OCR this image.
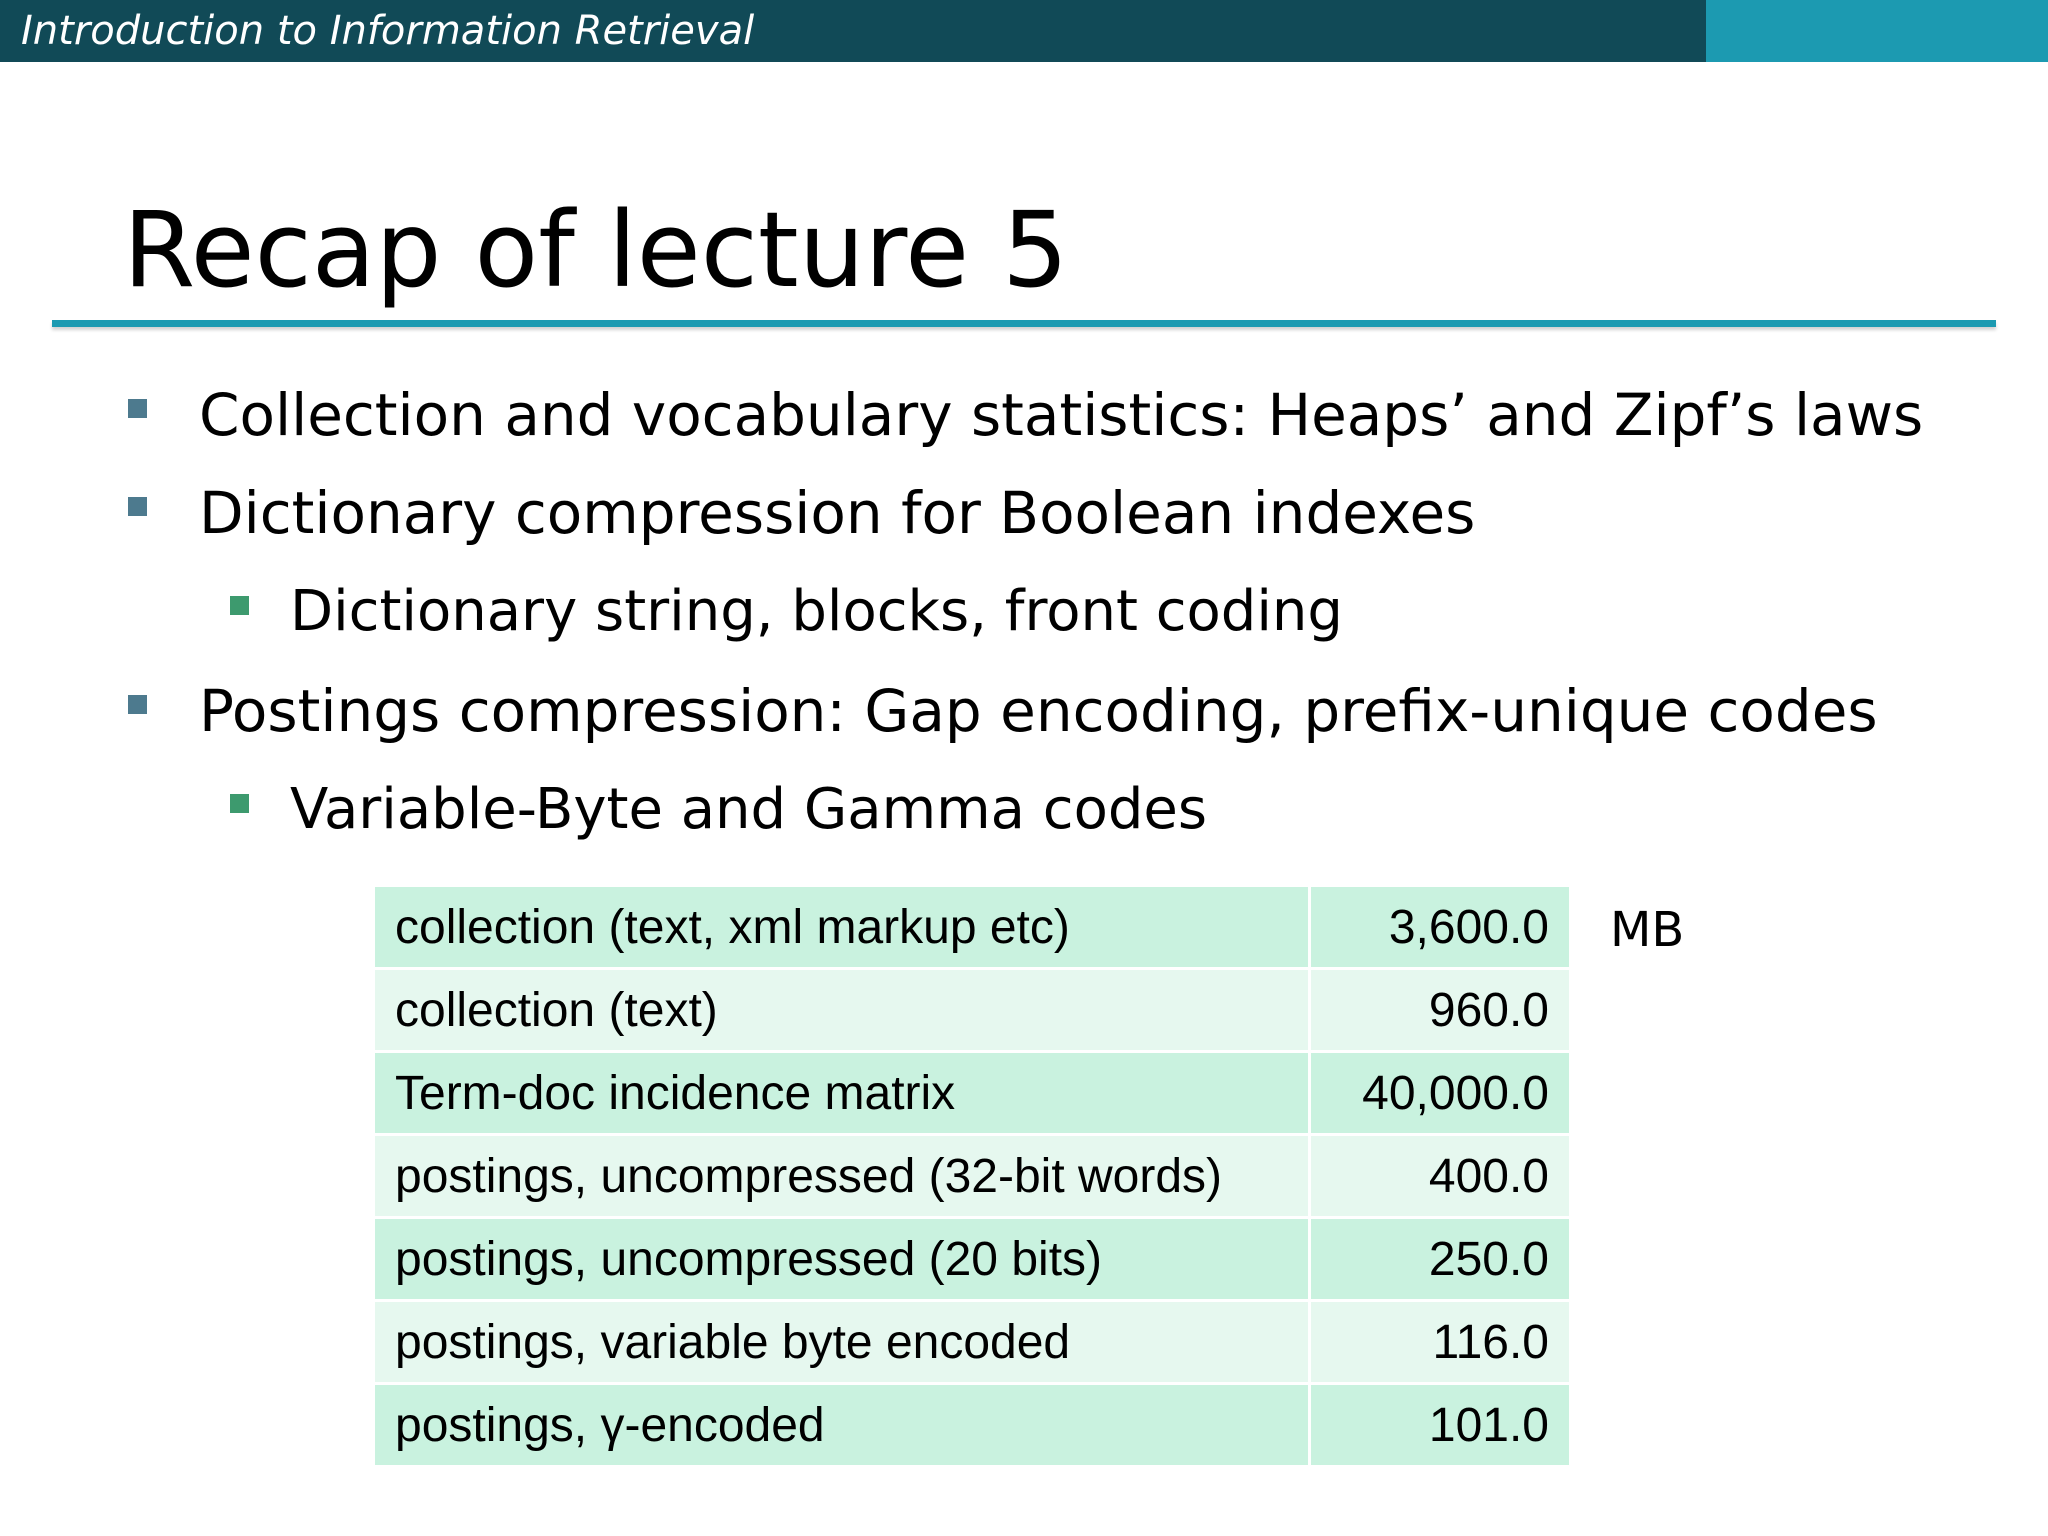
Introduction to Information Retrieval
Recap of lecture 5
Collection and vocabulary statistics: Heaps’ and Zipf’s laws
Dictionary compression for Boolean indexes
Dictionary string, blocks, front coding
Postings compression: Gap encoding, prefix-unique codes
Variable-Byte and Gamma codes
collection (text, xml markup etc)	3,600.0
collection (text)	960.0
Term-doc incidence matrix	40,000.0
postings, uncompressed (32-bit words)	400.0
postings, uncompressed (20 bits)	250.0
postings, variable byte encoded	116.0
postings, γ-encoded	101.0
MB
